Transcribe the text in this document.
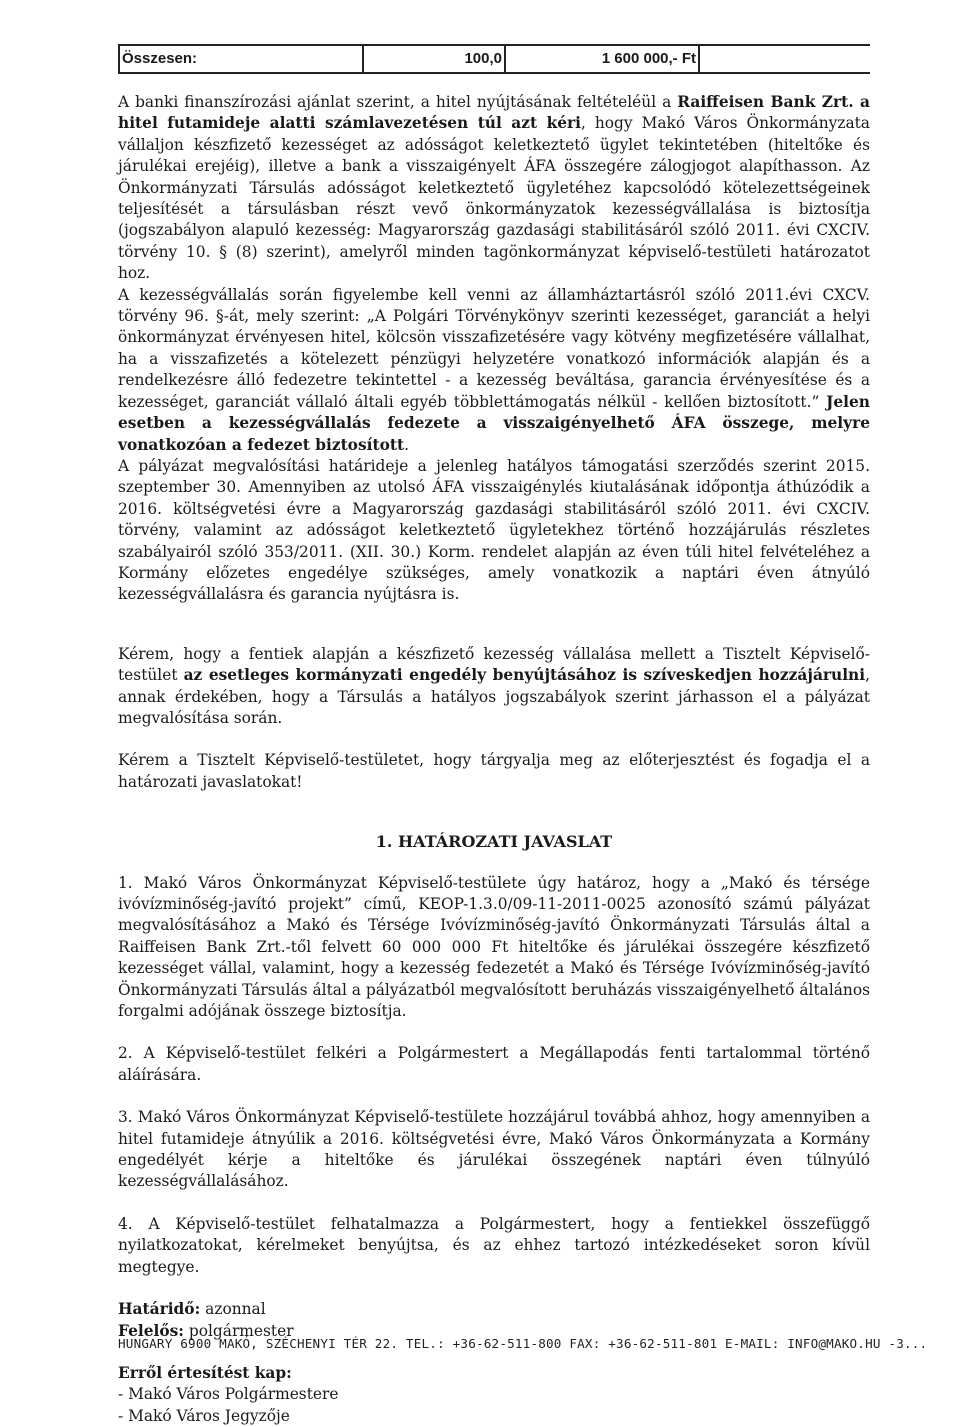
Összesen:	100,0	1 600 000,- Ft

A banki finanszírozási ajánlat szerint, a hitel nyújtásának feltételéül a Raiffeisen Bank Zrt. a hitel futamideje alatti számlavezetésen túl azt kéri, hogy Makó Város Önkormányzata vállaljon készfizető kezességet az adósságot keletkeztető ügylet tekintetében (hiteltőke és járulékai erejéig), illetve a bank a visszaigényelt ÁFA összegére zálogjogot alapíthasson. Az Önkormányzati Társulás adósságot keletkeztető ügyletéhez kapcsolódó kötelezettségeinek teljesítését a társulásban részt vevő önkormányzatok kezességvállalása is biztosítja (jogszabályon alapuló kezesség: Magyarország gazdasági stabilitásáról szóló 2011. évi CXCIV. törvény 10. § (8) szerint), amelyről minden tagönkormányzat képviselő-testületi határozatot hoz.

A kezességvállalás során figyelembe kell venni az államháztartásról szóló 2011.évi CXCV. törvény 96. §-át, mely szerint: „A Polgári Törvénykönyv szerinti kezességet, garanciát a helyi önkormányzat érvényesen hitel, kölcsön visszafizetésére vagy kötvény megfizetésére vállalhat, ha a visszafizetés a kötelezett pénzügyi helyzetére vonatkozó információk alapján és a rendelkezésre álló fedezetre tekintettel - a kezesség beváltása, garancia érvényesítése és a kezességet, garanciát vállaló általi egyéb többlettámogatás nélkül - kellően biztosított.” Jelen esetben a kezességvállalás fedezete a visszaigényelhető ÁFA összege, melyre vonatkozóan a fedezet biztosított.

A pályázat megvalósítási határideje a jelenleg hatályos támogatási szerződés szerint 2015. szeptember 30. Amennyiben az utolsó ÁFA visszaigénylés kiutalásának időpontja áthúzódik a 2016. költségvetési évre a Magyarország gazdasági stabilitásáról szóló 2011. évi CXCIV. törvény, valamint az adósságot keletkeztető ügyletekhez történő hozzájárulás részletes szabályairól szóló 353/2011. (XII. 30.) Korm. rendelet alapján az éven túli hitel felvételéhez a Kormány előzetes engedélye szükséges, amely vonatkozik a naptári éven átnyúló kezességvállalásra és garancia nyújtásra is.

Kérem, hogy a fentiek alapján a készfizető kezesség vállalása mellett a Tisztelt Képviselő-testület az esetleges kormányzati engedély benyújtásához is szíveskedjen hozzájárulni, annak érdekében, hogy a Társulás a hatályos jogszabályok szerint járhasson el a pályázat megvalósítása során.

Kérem a Tisztelt Képviselő-testületet, hogy tárgyalja meg az előterjesztést és fogadja el a határozati javaslatokat!

1. HATÁROZATI JAVASLAT

1. Makó Város Önkormányzat Képviselő-testülete úgy határoz, hogy a „Makó és térsége ivóvízminőség-javító projekt” című, KEOP-1.3.0/09-11-2011-0025 azonosító számú pályázat megvalósításához a Makó és Térsége Ivóvízminőség-javító Önkormányzati Társulás által a Raiffeisen Bank Zrt.-től felvett 60 000 000 Ft hiteltőke és járulékai összegére készfizető kezességet vállal, valamint, hogy a kezesség fedezetét a Makó és Térsége Ivóvízminőség-javító Önkormányzati Társulás által a pályázatból megvalósított beruházás visszaigényelhető általános forgalmi adójának összege biztosítja.

2. A Képviselő-testület felkéri a Polgármestert a Megállapodás fenti tartalommal történő aláírására.

3. Makó Város Önkormányzat Képviselő-testülete hozzájárul továbbá ahhoz, hogy amennyiben a hitel futamideje átnyúlik a 2016. költségvetési évre, Makó Város Önkormányzata a Kormány engedélyét kérje a hiteltőke és járulékai összegének naptári éven túlnyúló kezességvállalásához.

4. A Képviselő-testület felhatalmazza a Polgármestert, hogy a fentiekkel összefüggő nyilatkozatokat, kérelmeket benyújtsa, és az ehhez tartozó intézkedéseket soron kívül megtegye.

Határidő: azonnal
Felelős: polgármester
Erről értesítést kap:
- Makó Város Polgármestere
- Makó Város Jegyzője
HUNGARY 6900 MAKÓ, SZÉCHENYI TÉR 22. TEL.: +36-62-511-800 FAX: +36-62-511-801 E-MAIL: INFO@MAKO.HU -3...
